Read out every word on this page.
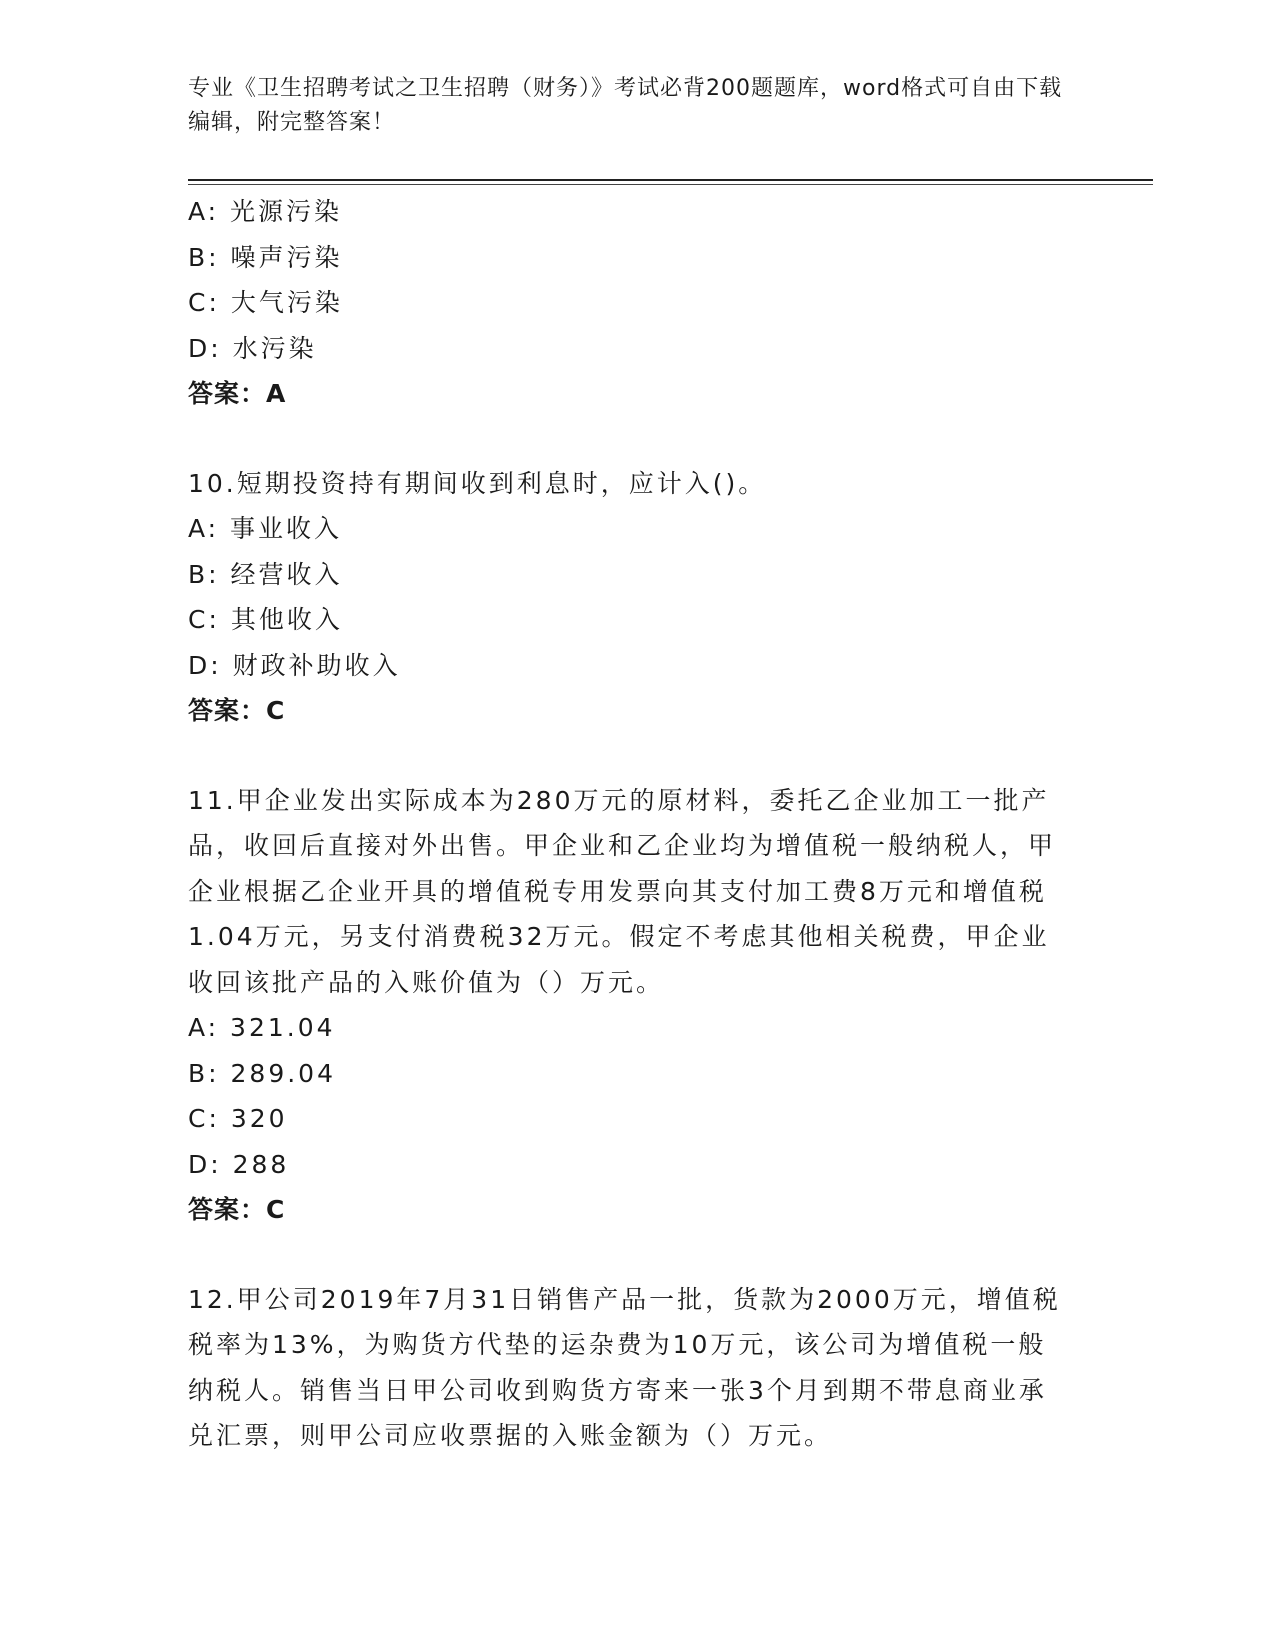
专业《卫生招聘考试之卫生招聘（财务）》考试必背200题题库，word格式可自由下载编辑，附完整答案！
A: 光源污染
B: 噪声污染
C: 大气污染
D: 水污染
答案：A
10.短期投资持有期间收到利息时，应计入()。
A: 事业收入
B: 经营收入
C: 其他收入
D: 财政补助收入
答案：C
11.甲企业发出实际成本为280万元的原材料，委托乙企业加工一批产品，收回后直接对外出售。甲企业和乙企业均为增值税一般纳税人，甲企业根据乙企业开具的增值税专用发票向其支付加工费8万元和增值税1.04万元，另支付消费税32万元。假定不考虑其他相关税费，甲企业收回该批产品的入账价值为（）万元。
A: 321.04
B: 289.04
C: 320
D: 288
答案：C
12.甲公司2019年7月31日销售产品一批，货款为2000万元，增值税税率为13%，为购货方代垫的运杂费为10万元，该公司为增值税一般纳税人。销售当日甲公司收到购货方寄来一张3个月到期不带息商业承兑汇票，则甲公司应收票据的入账金额为（）万元。
